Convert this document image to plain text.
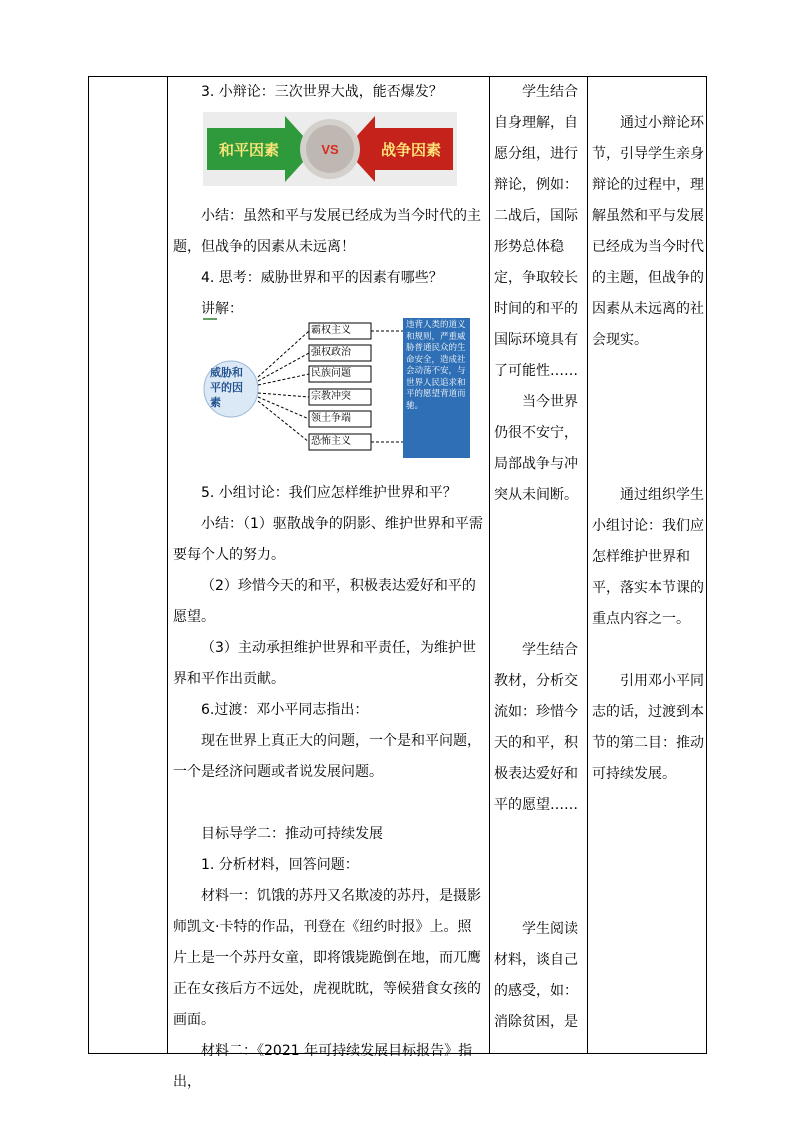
3. 小辩论：三次世界大战，能否爆发？

小结：虽然和平与发展已经成为当今时代的主题，但战争的因素从未远离！

4. 思考：威胁世界和平的因素有哪些？

讲解：

5. 小组讨论：我们应怎样维护世界和平？

小结：（1）驱散战争的阴影、维护世界和平需要每个人的努力。

（2）珍惜今天的和平，积极表达爱好和平的愿望。

（3）主动承担维护世界和平责任，为维护世界和平作出贡献。

6.过渡：邓小平同志指出：

现在世界上真正大的问题，一个是和平问题，一个是经济问题或者说发展问题。

目标导学二：推动可持续发展

1. 分析材料，回答问题：

材料一：饥饿的苏丹又名欺凌的苏丹，是摄影师凯文·卡特的作品，刊登在《纽约时报》上。照片上是一个苏丹女童，即将饿毙跪倒在地，而兀鹰正在女孩后方不远处，虎视眈眈，等候猎食女孩的画面。

材料二：《2021 年可持续发展目标报告》指出，

和平因素	VS	战争因素
威胁和平的因素
霸权主义
强权政治
民族问题
宗教冲突
领土争端
恐怖主义
违背人类的道义和规则，严重威胁普通民众的生命安全，造成社会动荡不安，与世界人民追求和平的愿望背道而驰。

学生结合自身理解，自愿分组，进行辩论，例如：二战后，国际形势总体稳定，争取较长时间的和平的国际环境具有了可能性……

当今世界仍很不安宁，局部战争与冲突从未间断。

学生结合教材，分析交流如：珍惜今天的和平，积极表达爱好和平的愿望……

学生阅读材料，谈自己的感受，如：消除贫困，是

通过小辩论环节，引导学生亲身辩论的过程中，理解虽然和平与发展已经成为当今时代的主题，但战争的因素从未远离的社会现实。

通过组织学生小组讨论：我们应怎样维护世界和平，落实本节课的重点内容之一。

引用邓小平同志的话，过渡到本节的第二目：推动可持续发展。
